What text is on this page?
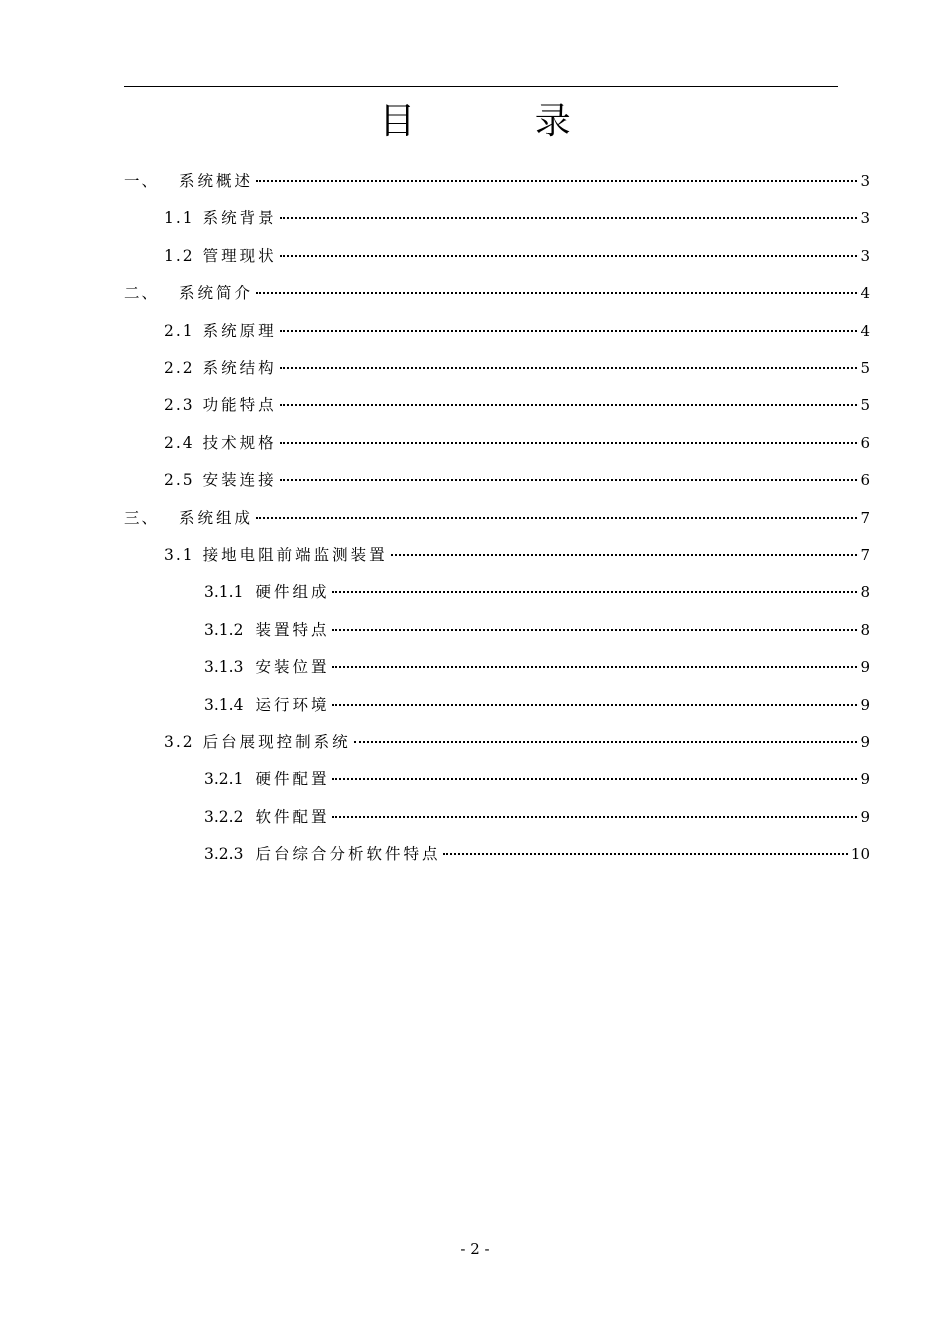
目 录
一、 系统概述	3
1.1 系统背景	3
1.2 管理现状	3
二、 系统简介	4
2.1 系统原理	4
2.2 系统结构	5
2.3 功能特点	5
2.4 技术规格	6
2.5 安装连接	6
三、 系统组成	7
3.1 接地电阻前端监测装置	7
3.1.1 硬件组成	8
3.1.2 装置特点	8
3.1.3 安装位置	9
3.1.4 运行环境	9
3.2 后台展现控制系统	9
3.2.1 硬件配置	9
3.2.2 软件配置	9
3.2.3 后台综合分析软件特点	10
- 2 -
